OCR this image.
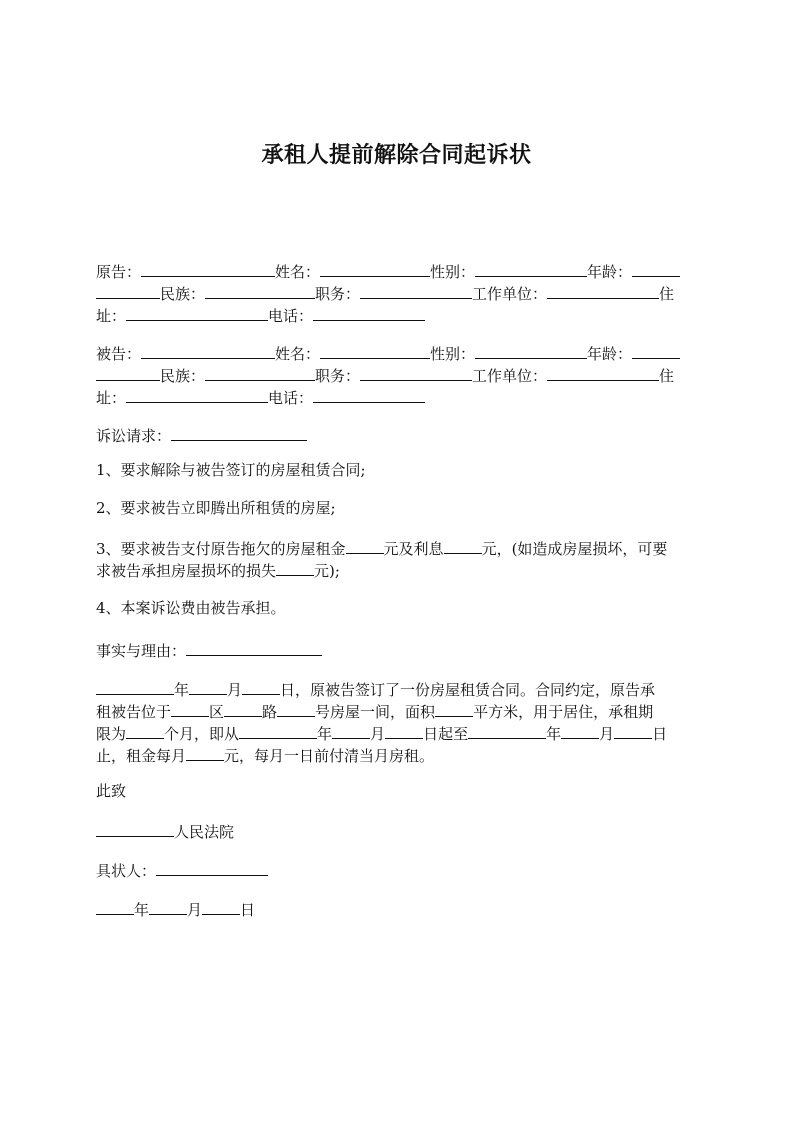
承租人提前解除合同起诉状
原告：	姓名：	性别：	年龄：
民族：	职务：	工作单位：	住
址：	电话：
被告：	姓名：	性别：	年龄：
民族：	职务：	工作单位：	住
址：	电话：
诉讼请求：
1、要求解除与被告签订的房屋租赁合同;
2、要求被告立即腾出所租赁的房屋;
3、要求被告支付原告拖欠的房屋租金	元及利息	元，(如造成房屋损坏，可要
求被告承担房屋损坏的损失	元);
4、本案诉讼费由被告承担。
事实与理由：
年	月	日，原被告签订了一份房屋租赁合同。合同约定，原告承
租被告位于	区	路	号房屋一间，面积	平方米，用于居住，承租期
限为	个月，即从	年	月	日起至	年	月	日
止，租金每月	元，每月一日前付清当月房租。
此致
人民法院
具状人：
年	月	日
